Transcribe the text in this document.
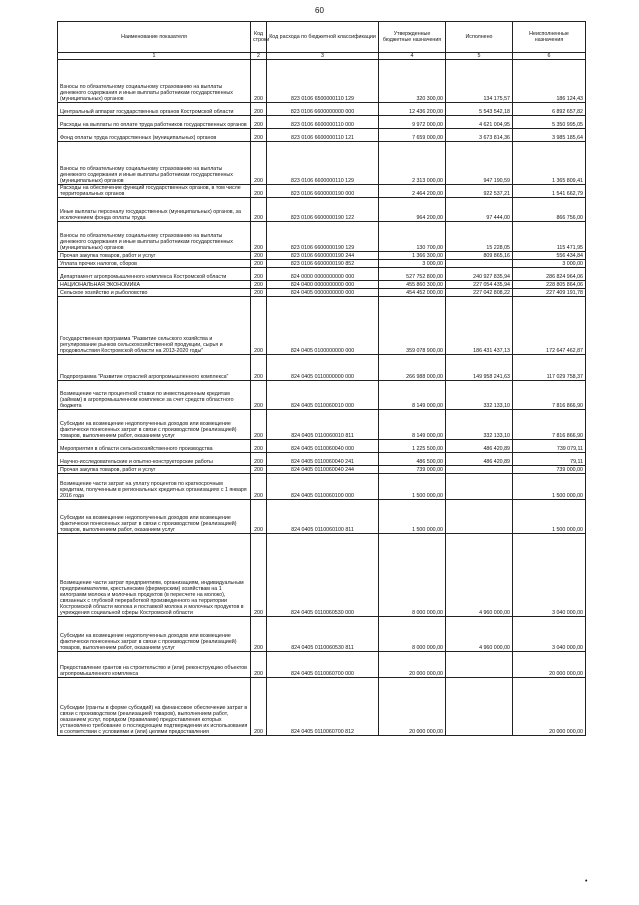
60
Наименование показателя	Код строки	Код расхода по бюджетной классификации	Утвержденные бюджетные назначения	Исполнено	Неисполненные назначения
1	2	3	4	5	6
Взносы по обязательному социальному страхованию на выплаты денежного содержания и иные выплаты работникам государственных (муниципальных) органов	200	823 0106 6500000110 129	320 300,00	134 175,57	186 124,43
Центральный аппарат государственных органов Костромской области	200	823 0106 6600000000 000	12 436 200,00	5 543 542,18	6 892 657,82
Расходы на выплаты по оплате труда работников государственных органов	200	823 0106 6600000110 000	9 972 000,00	4 621 004,95	5 350 995,05
Фонд оплаты труда государственных (муниципальных) органов	200	823 0106 6600000110 121	7 659 000,00	3 673 814,36	3 985 185,64
Взносы по обязательному социальному страхованию на выплаты денежного содержания и иные выплаты работникам государственных (муниципальных) органов	200	823 0106 6600000110 129	2 313 000,00	947 190,59	1 365 809,41
Расходы на обеспечение функций государственных органов, в том числе территориальных органов	200	823 0106 6600000190 000	2 464 200,00	922 537,21	1 541 662,79
Иные выплаты персоналу государственных (муниципальных) органов, за исключением фонда оплаты труда	200	823 0106 6600000190 122	964 200,00	97 444,00	866 756,00
Взносы по обязательному социальному страхованию на выплаты денежного содержания и иные выплаты работникам государственных (муниципальных) органов	200	823 0106 6600000190 129	130 700,00	15 228,05	115 471,95
Прочая закупка товаров, работ и услуг	200	823 0106 6600000190 244	1 366 300,00	809 865,16	556 434,84
Уплата прочих налогов, сборов	200	823 0106 6600000190 852	3 000,00		3 000,00
Департамент агропромышленного комплекса Костромской области	200	824 0000 0000000000 000	527 752 800,00	240 927 835,94	286 824 964,06
НАЦИОНАЛЬНАЯ ЭКОНОМИКА	200	824 0400 0000000000 000	455 860 300,00	227 054 435,94	228 805 864,06
Сельское хозяйство и рыболовство	200	824 0405 0000000000 000	454 452 000,00	227 042 808,22	227 409 191,78
Государственная программа "Развитие сельского хозяйства и регулирование рынков сельскохозяйственной продукции, сырья и продовольствия Костромской области на 2013-2020 годы"	200	824 0405 0100000000 000	359 078 900,00	186 431 437,13	172 647 462,87
Подпрограмма "Развитие отраслей агропромышленного комплекса"	200	824 0405 0110000000 000	266 988 000,00	149 958 241,63	117 029 758,37
Возмещение части процентной ставки по инвестиционным кредитам (займам) в агропромышленном комплексе за счет средств областного бюджета	200	824 0405 0110060010 000	8 149 000,00	332 133,10	7 816 866,90
Субсидии на возмещение недополученных доходов или возмещение фактически понесенных затрат в связи с производством (реализацией) товаров, выполнением работ, оказанием услуг	200	824 0405 0110060010 811	8 149 000,00	332 133,10	7 816 866,90
Мероприятия в области сельскохозяйственного производства	200	824 0405 0110060040 000	1 225 500,00	486 420,89	739 079,11
Научно-исследовательские и опытно-конструкторские работы	200	824 0405 0110060040 241	486 500,00	486 420,89	79,11
Прочая закупка товаров, работ и услуг	200	824 0405 0110060040 244	739 000,00		739 000,00
Возмещение части затрат на уплату процентов по краткосрочным кредитам, полученным в региональных кредитных организациях с 1 января 2016 года	200	824 0405 0110060100 000	1 500 000,00		1 500 000,00
Субсидии на возмещение недополученных доходов или возмещение фактически понесенных затрат в связи с производством (реализацией) товаров, выполнением работ, оказанием услуг	200	824 0405 0110060100 811	1 500 000,00		1 500 000,00
Возмещение части затрат предприятиям, организациям, индивидуальным предпринимателям, крестьянским (фермерским) хозяйствам на 1 килограмм молока и молочных продуктов (в пересчете на молоко), связанных с глубокой переработкой произведенного на территории Костромской области молока и поставкой молока и молочных продуктов в учреждения социальной сферы Костромской области	200	824 0405 0110060530 000	8 000 000,00	4 960 000,00	3 040 000,00
Субсидии на возмещение недополученных доходов или возмещение фактически понесенных затрат в связи с производством (реализацией) товаров, выполнением работ, оказанием услуг	200	824 0405 0110060530 811	8 000 000,00	4 960 000,00	3 040 000,00
Предоставление грантов на строительство и (или) реконструкцию объектов агропромышленного комплекса	200	824 0405 0110060700 000	20 000 000,00		20 000 000,00
Субсидии (гранты в форме субсидий) на финансовое обеспечение затрат в связи с производством (реализацией товаров), выполнением работ, оказанием услуг, порядком (правилами) предоставления которых установлено требование о последующем подтверждении их использования в соответствии с условиями и (или) целями предоставления	200	824 0405 0110060700 812	20 000 000,00		20 000 000,00
•
